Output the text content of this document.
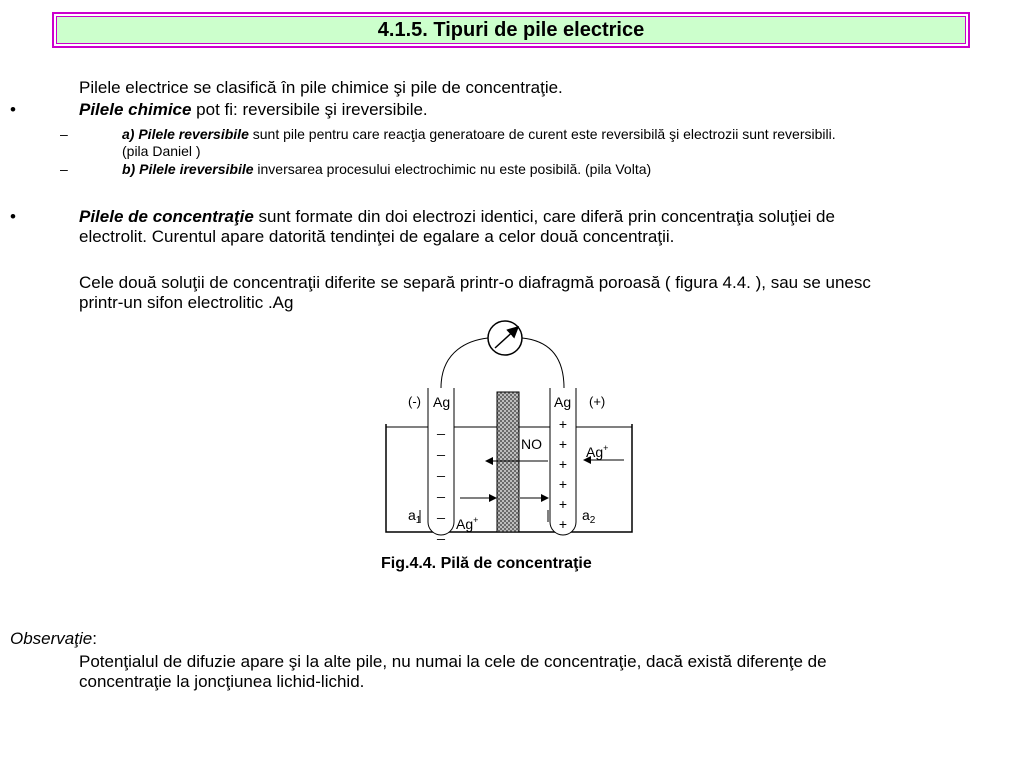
4.1.5. Tipuri de pile electrice
Pilele electrice se clasifică în pile chimice şi pile de concentraţie.
•	Pilele chimice pot fi: reversibile şi ireversibile.
–	a) Pilele reversibile sunt pile pentru care reacţia generatoare de curent este reversibilă şi electrozii sunt reversibili.
(pila Daniel )
–	b) Pilele ireversibile inversarea procesului electrochimic nu este posibilă. (pila Volta)
•	Pilele de concentraţie sunt formate din doi electrozi identici, care diferă prin concentraţia soluţiei de
electrolit. Curentul apare datorită tendinţei de egalare a celor două concentraţii.
Cele două soluţii de concentraţii diferite se separă printr-o diafragmă poroasă ( figura 4.4. ), sau se unesc
printr-un sifon electrolitic .Ag
(-)	(+)
Ag	Ag
_
_
_
_
_
_
+
+
+
+
+
+
NO	Ag+
Ag+
$a_1$	$a_2$
Fig.4.4. Pilă de concentraţie
Observaţie:
Potenţialul de difuzie apare şi la alte pile, nu numai la cele de concentraţie, dacă există diferenţe de
concentraţie la joncţiunea lichid-lichid.
